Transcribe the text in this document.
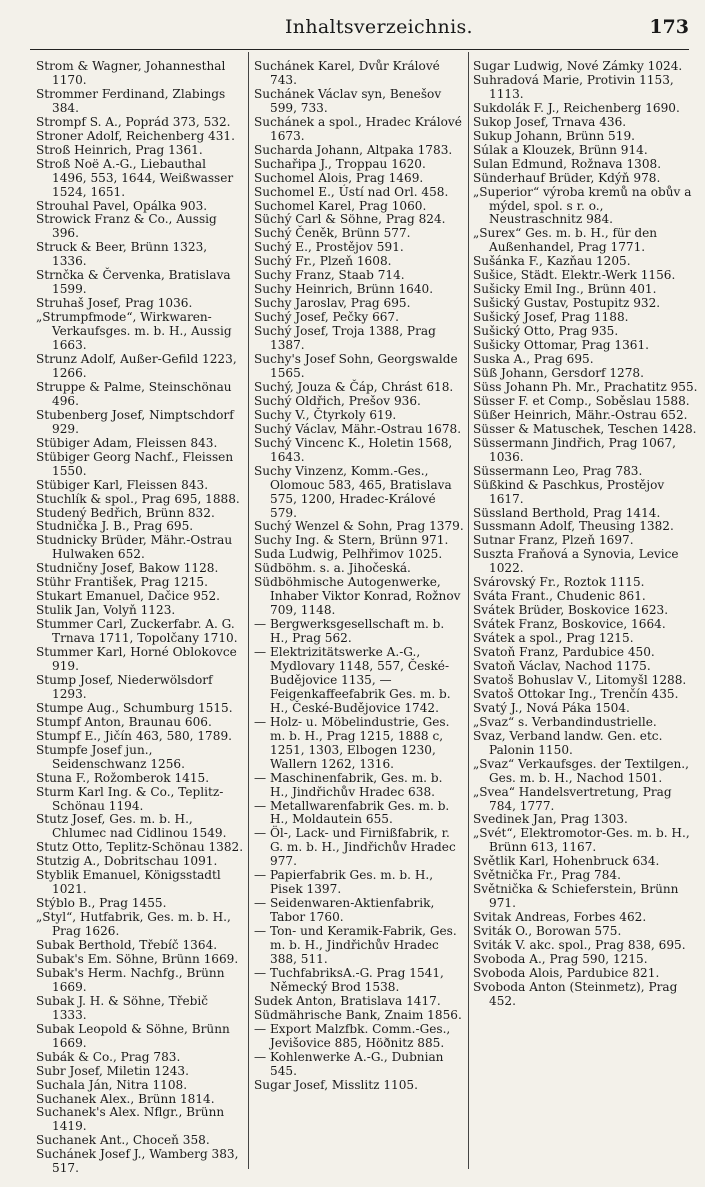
Inhaltsverzeichnis.	173

Strom & Wagner, Johannesthal 1170.

Strommer Ferdinand, Zlabings 384.

Strompf S. A., Poprád 373, 532.

Stroner Adolf, Reichenberg 431.

Stroß Heinrich, Prag 1361.

Stroß Noë A.-G., Liebauthal 1496, 553, 1644, Weißwasser 1524, 1651.

Strouhal Pavel, Opálka 903.

Strowick Franz & Co., Aussig 396.

Struck & Beer, Brünn 1323, 1336.

Strnčka & Červenka, Bratislava 1599.

Struhaš Josef, Prag 1036.

„Strumpfmode“, Wirkwaren-Verkaufsges. m. b. H., Aussig 1663.

Strunz Adolf, Außer-Gefild 1223, 1266.

Struppe & Palme, Steinschönau 496.

Stubenberg Josef, Nimptschdorf 929.

Stübiger Adam, Fleissen 843.

Stübiger Georg Nachf., Fleissen 1550.

Stübiger Karl, Fleissen 843.

Stuchlík & spol., Prag 695, 1888.

Studený Bedřich, Brünn 832.

Studnička J. B., Prag 695.

Studnicky Brüder, Mähr.-Ostrau Hulwaken 652.

Studničny Josef, Bakow 1128.

Stühr František, Prag 1215.

Stukart Emanuel, Dačice 952.

Stulik Jan, Volyň 1123.

Stummer Carl, Zuckerfabr. A. G. Trnava 1711, Topolčany 1710.

Stummer Karl, Horné Oblokovce 919.

Stump Josef, Niederwölsdorf 1293.

Stumpe Aug., Schumburg 1515.

Stumpf Anton, Braunau 606.

Stumpf E., Jičín 463, 580, 1789.

Stumpfe Josef jun., Seidenschwanz 1256.

Stuna F., Rožomberok 1415.

Sturm Karl Ing. & Co., Teplitz-Schönau 1194.

Stutz Josef, Ges. m. b. H., Chlumec nad Cidlinou 1549.

Stutz Otto, Teplitz-Schönau 1382.

Stutzig A., Dobritschau 1091.

Styblik Emanuel, Königsstadtl 1021.

Stýblo B., Prag 1455.

„Styl“, Hutfabrik, Ges. m. b. H., Prag 1626.

Subak Berthold, Třebíč 1364.

Subak's Em. Söhne, Brünn 1669.

Subak's Herm. Nachfg., Brünn 1669.

Subak J. H. & Söhne, Třebič 1333.

Subak Leopold & Söhne, Brünn 1669.

Subák & Co., Prag 783.

Subr Josef, Miletin 1243.

Suchala Ján, Nitra 1108.

Suchanek Alex., Brünn 1814.

Suchanek's Alex. Nflgr., Brünn 1419.

Suchanek Ant., Choceň 358.

Suchánek Josef J., Wamberg 383, 517.

Suchánek Karel, Dvůr Králové 743.

Suchánek Václav syn, Benešov 599, 733.

Suchánek a spol., Hradec Králové 1673.

Sucharda Johann, Altpaka 1783.

Suchařipa J., Troppau 1620.

Suchomel Alois, Prag 1469.

Suchomel E., Ústí nad Orl. 458.

Suchomel Karel, Prag 1060.

Süchý Carl & Söhne, Prag 824.

Suchý Čeněk, Brünn 577.

Suchý E., Prostějov 591.

Suchý Fr., Plzeň 1608.

Suchy Franz, Staab 714.

Suchy Heinrich, Brünn 1640.

Suchy Jaroslav, Prag 695.

Suchý Josef, Pečky 667.

Suchý Josef, Troja 1388, Prag 1387.

Suchy's Josef Sohn, Georgswalde 1565.

Suchý, Jouza & Čáp, Chrást 618.

Suchý Oldřich, Prešov 936.

Suchy V., Čtyrkoly 619.

Suchý Václav, Mähr.-Ostrau 1678.

Suchý Vincenc K., Holetin 1568, 1643.

Suchy Vinzenz, Komm.-Ges., Olomouc 583, 465, Bratislava 575, 1200, Hradec-Králové 579.

Suchý Wenzel & Sohn, Prag 1379.

Suchy Ing. & Stern, Brünn 971.

Suda Ludwig, Pelhřimov 1025.

Südböhm. s. a. Jihočeská.

Südböhmische Autogenwerke, Inhaber Viktor Konrad, Rožnov 709, 1148.

— Bergwerksgesellschaft m. b. H., Prag 562.

— Elektrizitätswerke A.-G., Mydlovary 1148, 557, České-Budějovice 1135, — Feigenkaffeefabrik Ges. m. b. H., České-Budějovice 1742.

— Holz- u. Möbelindustrie, Ges. m. b. H., Prag 1215, 1888 c, 1251, 1303, Elbogen 1230, Wallern 1262, 1316.

— Maschinenfabrik, Ges. m. b. H., Jindřichův Hradec 638.

— Metallwarenfabrik Ges. m. b. H., Moldautein 655.

— Öl-, Lack- und Firnißfabrik, r. G. m. b. H., Jindřichův Hradec 977.

— Papierfabrik Ges. m. b. H., Pisek 1397.

— Seidenwaren-Aktienfabrik, Tabor 1760.

— Ton- und Keramik-Fabrik, Ges. m. b. H., Jindřichův Hradec 388, 511.

— TuchfabriksA.-G. Prag 1541, Německý Brod 1538.

Sudek Anton, Bratislava 1417.

Südmährische Bank, Znaim 1856.

— Export Malzfbk. Comm.-Ges., Jevišovice 885, Höðnitz 885.

— Kohlenwerke A.-G., Dubnian 545.

Sugar Josef, Misslitz 1105.

Sugar Ludwig, Nové Zámky 1024.

Suhradová Marie, Protivin 1153, 1113.

Sukdolák F. J., Reichenberg 1690.

Sukop Josef, Trnava 436.

Sukup Johann, Brünn 519.

Súlak a Klouzek, Brünn 914.

Sulan Edmund, Rožnava 1308.

Sünderhauf Brüder, Kdýň 978.

„Superior“ výroba kremů na obův a mýdel, spol. s r. o., Neustraschnitz 984.

„Surex“ Ges. m. b. H., für den Außenhandel, Prag 1771.

Sušánka F., Kazňau 1205.

Sušice, Städt. Elektr.-Werk 1156.

Sušicky Emil Ing., Brünn 401.

Sušický Gustav, Postupitz 932.

Sušický Josef, Prag 1188.

Sušický Otto, Prag 935.

Sušicky Ottomar, Prag 1361.

Suska A., Prag 695.

Süß Johann, Gersdorf 1278.

Süss Johann Ph. Mr., Prachatitz 955.

Süsser F. et Comp., Soběslau 1588.

Süßer Heinrich, Mähr.-Ostrau 652.

Süsser & Matuschek, Teschen 1428.

Süssermann Jindřich, Prag 1067, 1036.

Süssermann Leo, Prag 783.

Süßkind & Paschkus, Prostějov 1617.

Süssland Berthold, Prag 1414.

Sussmann Adolf, Theusing 1382.

Sutnar Franz, Plzeň 1697.

Suszta Fraňová a Synovia, Levice 1022.

Svárovský Fr., Roztok 1115.

Sváta Frant., Chudenic 861.

Svátek Brüder, Boskovice 1623.

Svátek Franz, Boskovice, 1664.

Svátek a spol., Prag 1215.

Svatoň Franz, Pardubice 450.

Svatoň Václav, Nachod 1175.

Svatoš Bohuslav V., Litomyšl 1288.

Svatoš Ottokar Ing., Trenčín 435.

Svatý J., Nová Páka 1504.

„Svaz“ s. Verbandindustrielle.

Svaz, Verband landw. Gen. etc. Palonin 1150.

„Svaz“ Verkaufsges. der Textilgen., Ges. m. b. H., Nachod 1501.

„Svea“ Handelsvertretung, Prag 784, 1777.

Svedinek Jan, Prag 1303.

„Svét“, Elektromotor-Ges. m. b. H., Brünn 613, 1167.

Světlik Karl, Hohenbruck 634.

Světnička Fr., Prag 784.

Světnička & Schieferstein, Brünn 971.

Svitak Andreas, Forbes 462.

Sviták O., Borowan 575.

Sviták V. akc. spol., Prag 838, 695.

Svoboda A., Prag 590, 1215.

Svoboda Alois, Pardubice 821.

Svoboda Anton (Steinmetz), Prag 452.
